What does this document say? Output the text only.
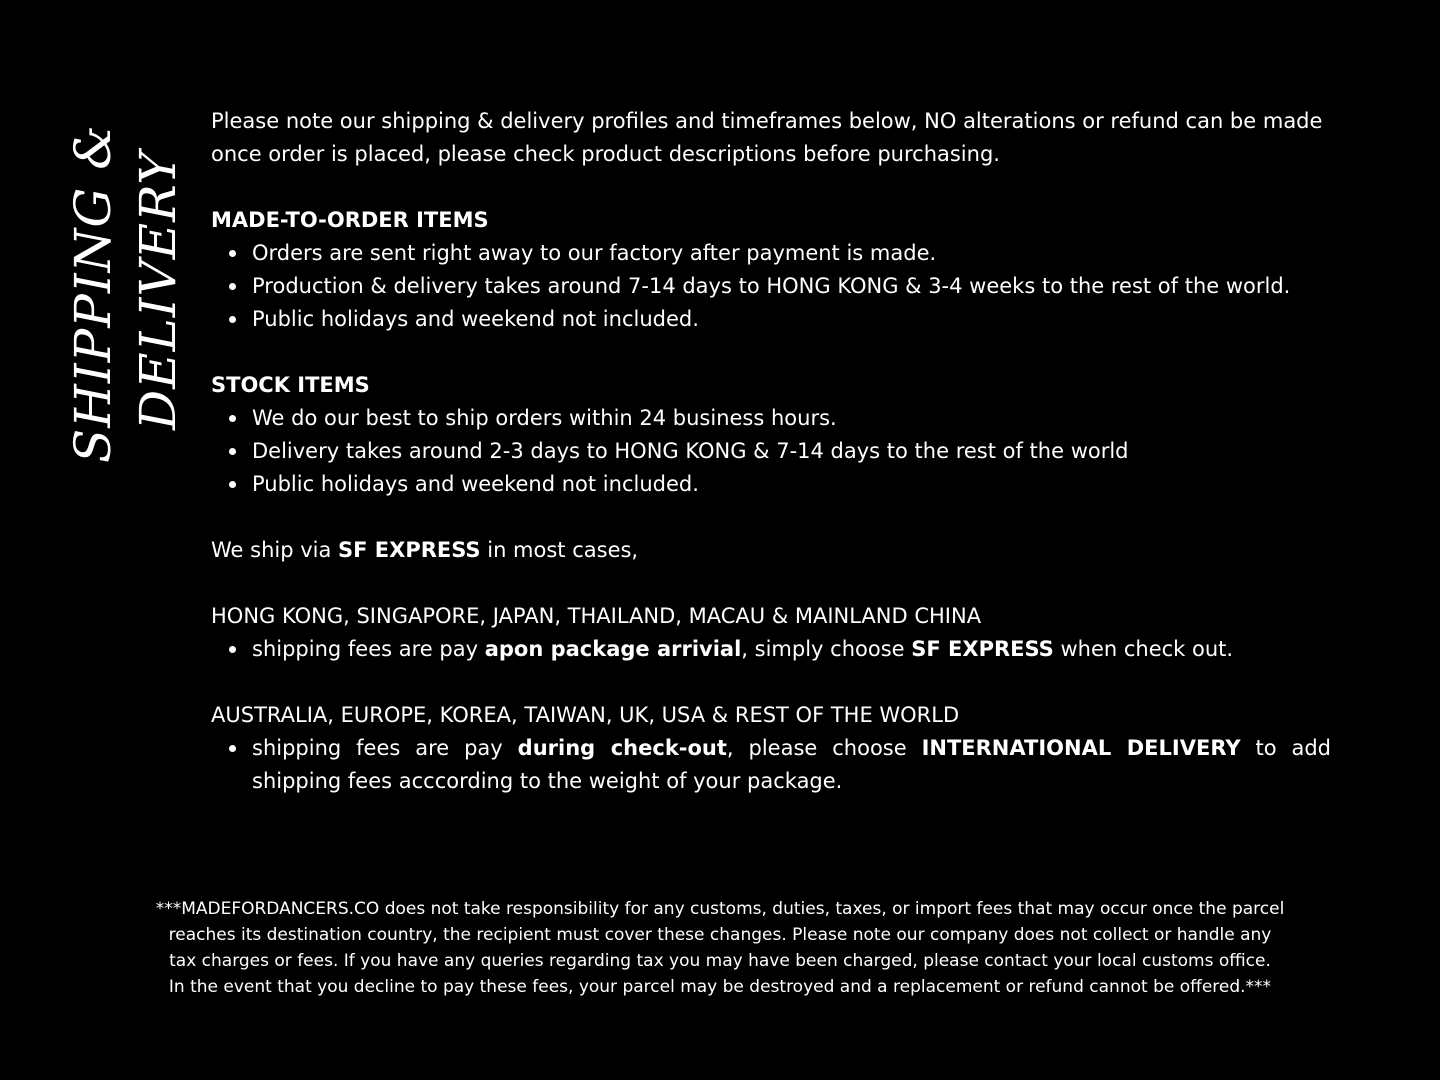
SHIPPING & DELIVERY

Please note our shipping & delivery profiles and timeframes below, NO alterations or refund can be made once order is placed, please check product descriptions before purchasing.

MADE-TO-ORDER ITEMS

Orders are sent right away to our factory after payment is made.
Production & delivery takes around 7-14 days to HONG KONG & 3-4 weeks to the rest of the world.
Public holidays and weekend not included.

STOCK ITEMS

We do our best to ship orders within 24 business hours.
Delivery takes around 2-3 days to HONG KONG & 7-14 days to the rest of the world
Public holidays and weekend not included.

We ship via SF EXPRESS in most cases,

HONG KONG, SINGAPORE, JAPAN, THAILAND, MACAU & MAINLAND CHINA

shipping fees are pay apon package arrivial, simply choose SF EXPRESS when check out.

AUSTRALIA, EUROPE, KOREA, TAIWAN, UK, USA & REST OF THE WORLD

shipping fees are pay during check-out, please choose INTERNATIONAL DELIVERY to add shipping fees acccording to the weight of your package.
***MADEFORDANCERS.CO does not take responsibility for any customs, duties, taxes, or import fees that may occur once the parcel
reaches its destination country, the recipient must cover these changes. Please note our company does not collect or handle any
tax charges or fees. If you have any queries regarding tax you may have been charged, please contact your local customs office.
In the event that you decline to pay these fees, your parcel may be destroyed and a replacement or refund cannot be offered.***
